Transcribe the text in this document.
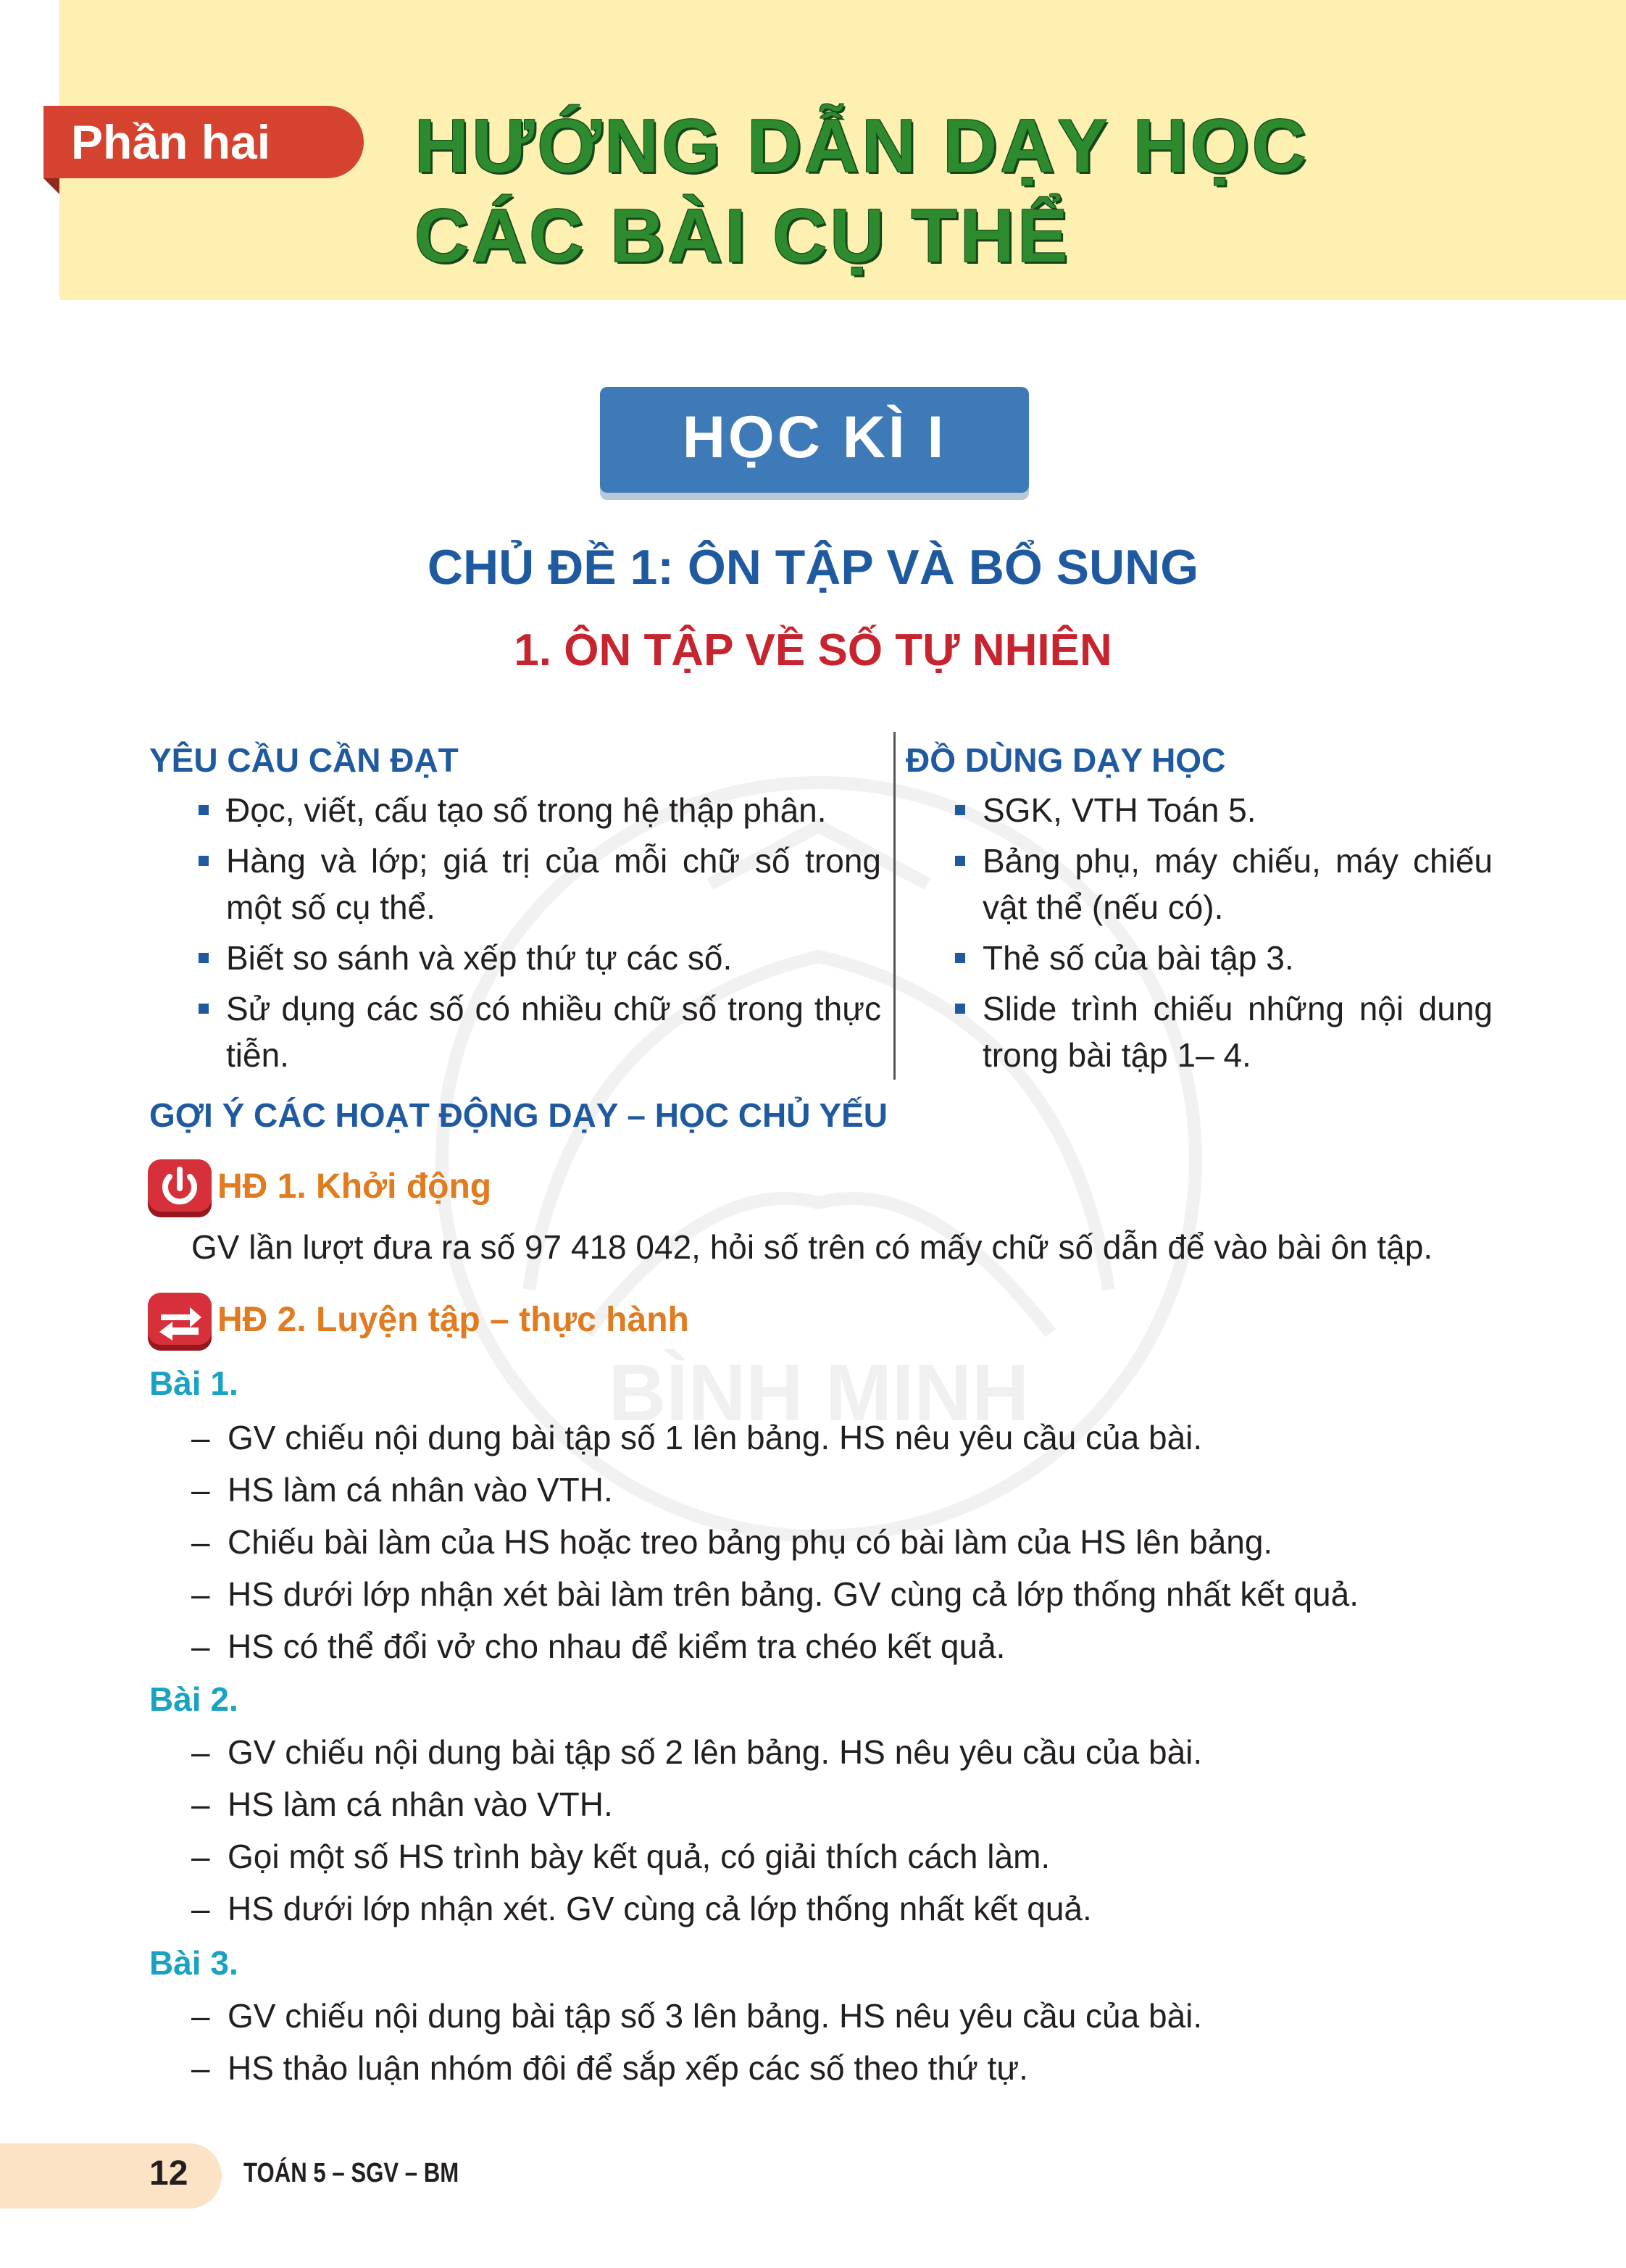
BÌNH MINH
Phần hai	HƯỚNG DẪN DẠY HỌC
CÁC BÀI CỤ THỂ
HỌC KÌ I
CHỦ ĐỀ 1: ÔN TẬP VÀ BỔ SUNG
1. ÔN TẬP VỀ SỐ TỰ NHIÊN
YÊU CẦU CẦN ĐẠT
Đọc, viết, cấu tạo số trong hệ thập phân.
Hàng và lớp; giá trị của mỗi chữ số trong một số cụ thể.
Biết so sánh và xếp thứ tự các số.
Sử dụng các số có nhiều chữ số trong thực tiễn.
ĐỒ DÙNG DẠY HỌC
SGK, VTH Toán 5.
Bảng phụ, máy chiếu, máy chiếu vật thể (nếu có).
Thẻ số của bài tập 3.
Slide trình chiếu những nội dung trong bài tập 1– 4.
GỢI Ý CÁC HOẠT ĐỘNG DẠY – HỌC CHỦ YẾU
HĐ 1. Khởi động
GV lần lượt đưa ra số 97 418 042, hỏi số trên có mấy chữ số dẫn để vào bài ôn tập.
HĐ 2. Luyện tập – thực hành
Bài 1.
– GV chiếu nội dung bài tập số 1 lên bảng. HS nêu yêu cầu của bài.
– HS làm cá nhân vào VTH.
– Chiếu bài làm của HS hoặc treo bảng phụ có bài làm của HS lên bảng.
– HS dưới lớp nhận xét bài làm trên bảng. GV cùng cả lớp thống nhất kết quả.
– HS có thể đổi vở cho nhau để kiểm tra chéo kết quả.
Bài 2.
– GV chiếu nội dung bài tập số 2 lên bảng. HS nêu yêu cầu của bài.
– HS làm cá nhân vào VTH.
– Gọi một số HS trình bày kết quả, có giải thích cách làm.
– HS dưới lớp nhận xét. GV cùng cả lớp thống nhất kết quả.
Bài 3.
– GV chiếu nội dung bài tập số 3 lên bảng. HS nêu yêu cầu của bài.
– HS thảo luận nhóm đôi để sắp xếp các số theo thứ tự.
12 TOÁN 5 – SGV – BM
